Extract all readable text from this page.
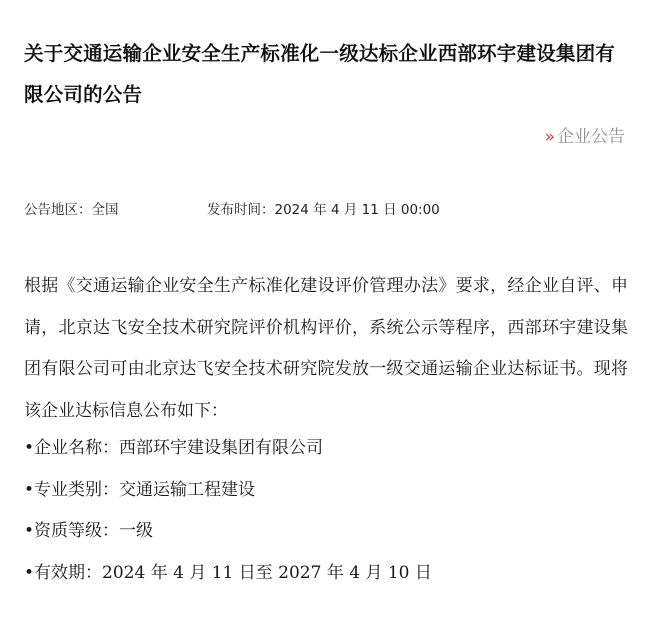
关于交通运输企业安全生产标准化一级达标企业西部环宇建设集团有限公司的公告
» 企业公告
公告地区：全国	发布时间：2024 年 4 月 11 日 00:00

根据《交通运输企业安全生产标准化建设评价管理办法》要求，经企业自评、申请，北京达飞安全技术研究院评价机构评价，系统公示等程序，西部环宇建设集团有限公司可由北京达飞安全技术研究院发放一级交通运输企业达标证书。现将该企业达标信息公布如下：

•企业名称：西部环宇建设集团有限公司
•专业类别：交通运输工程建设
•资质等级：一级
•有效期：2024 年 4 月 11 日至 2027 年 4 月 10 日
